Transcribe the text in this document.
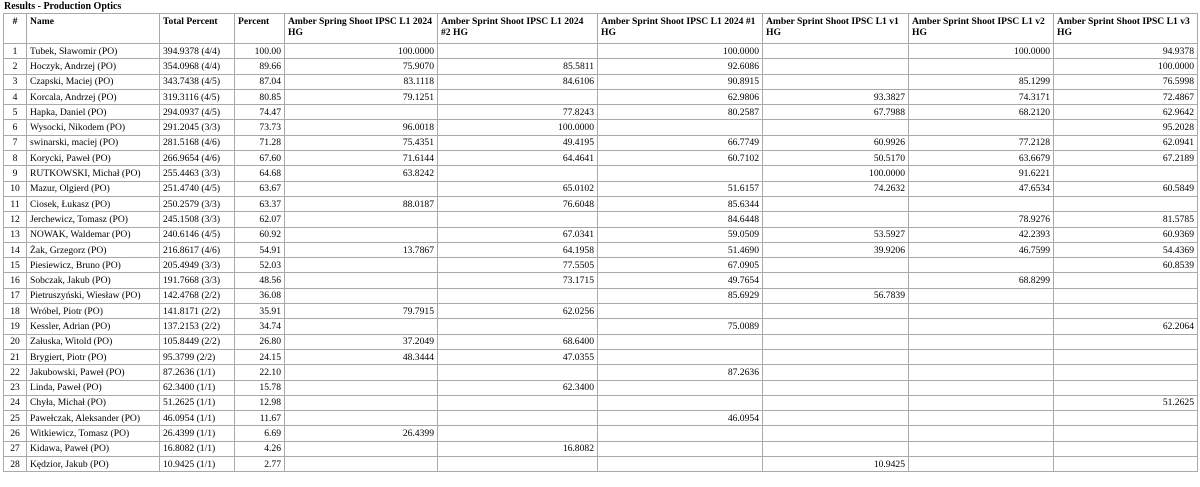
Results - Production Optics
#	Name	Total Percent	Percent	Amber Spring Shoot IPSC L1 2024 HG	Amber Sprint Shoot IPSC L1 2024 #2 HG	Amber Sprint Shoot IPSC L1 2024 #1 HG	Amber Sprint Shoot IPSC L1 v1 HG	Amber Sprint Shoot IPSC L1 v2 HG	Amber Sprint Shoot IPSC L1 v3 HG
1	Tubek, Sławomir (PO)	394.9378 (4/4)	100.00	100.0000		100.0000		100.0000	94.9378
2	Hoczyk, Andrzej (PO)	354.0968 (4/4)	89.66	75.9070	85.5811	92.6086			100.0000
3	Czapski, Maciej (PO)	343.7438 (4/5)	87.04	83.1118	84.6106	90.8915		85.1299	76.5998
4	Korcala, Andrzej (PO)	319.3116 (4/5)	80.85	79.1251		62.9806	93.3827	74.3171	72.4867
5	Hapka, Daniel (PO)	294.0937 (4/5)	74.47		77.8243	80.2587	67.7988	68.2120	62.9642
6	Wysocki, Nikodem (PO)	291.2045 (3/3)	73.73	96.0018	100.0000				95.2028
7	swinarski, maciej (PO)	281.5168 (4/6)	71.28	75.4351	49.4195	66.7749	60.9926	77.2128	62.0941
8	Korycki, Paweł (PO)	266.9654 (4/6)	67.60	71.6144	64.4641	60.7102	50.5170	63.6679	67.2189
9	RUTKOWSKI, Michał (PO)	255.4463 (3/3)	64.68	63.8242			100.0000	91.6221	
10	Mazur, Olgierd (PO)	251.4740 (4/5)	63.67		65.0102	51.6157	74.2632	47.6534	60.5849
11	Ciosek, Łukasz (PO)	250.2579 (3/3)	63.37	88.0187	76.6048	85.6344			
12	Jerchewicz, Tomasz (PO)	245.1508 (3/3)	62.07			84.6448		78.9276	81.5785
13	NOWAK, Waldemar (PO)	240.6146 (4/5)	60.92		67.0341	59.0509	53.5927	42.2393	60.9369
14	Żak, Grzegorz (PO)	216.8617 (4/6)	54.91	13.7867	64.1958	51.4690	39.9206	46.7599	54.4369
15	Piesiewicz, Bruno (PO)	205.4949 (3/3)	52.03		77.5505	67.0905			60.8539
16	Sobczak, Jakub (PO)	191.7668 (3/3)	48.56		73.1715	49.7654		68.8299	
17	Pietruszyński, Wiesław (PO)	142.4768 (2/2)	36.08			85.6929	56.7839		
18	Wróbel, Piotr (PO)	141.8171 (2/2)	35.91	79.7915	62.0256				
19	Kessler, Adrian (PO)	137.2153 (2/2)	34.74			75.0089			62.2064
20	Załuska, Witold (PO)	105.8449 (2/2)	26.80	37.2049	68.6400				
21	Brygiert, Piotr (PO)	95.3799 (2/2)	24.15	48.3444	47.0355				
22	Jakubowski, Paweł (PO)	87.2636 (1/1)	22.10			87.2636			
23	Linda, Paweł (PO)	62.3400 (1/1)	15.78		62.3400				
24	Chyła, Michał (PO)	51.2625 (1/1)	12.98						51.2625
25	Pawełczak, Aleksander (PO)	46.0954 (1/1)	11.67			46.0954			
26	Witkiewicz, Tomasz (PO)	26.4399 (1/1)	6.69	26.4399					
27	Kidawa, Paweł (PO)	16.8082 (1/1)	4.26		16.8082				
28	Kędzior, Jakub (PO)	10.9425 (1/1)	2.77				10.9425		
